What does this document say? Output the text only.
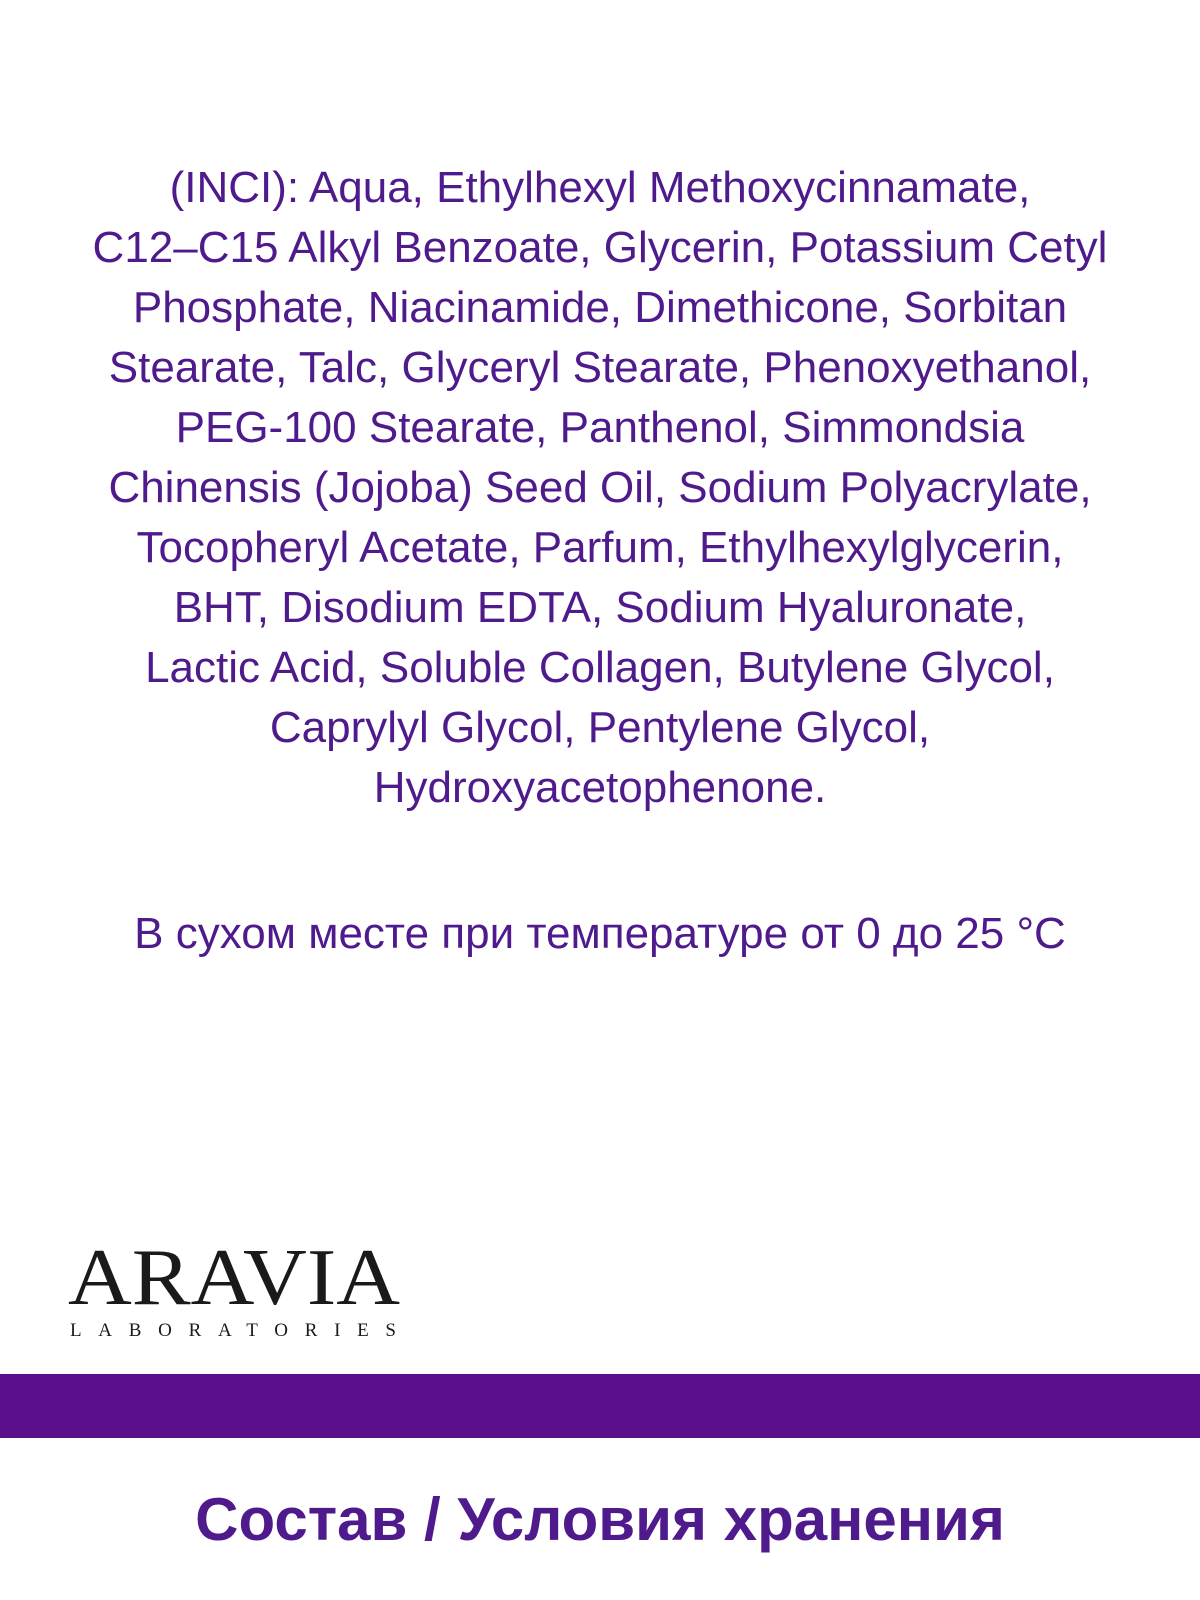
(INCI): Aqua, Ethylhexyl Methoxycinnamate,
C12–C15 Alkyl Benzoate, Glycerin, Potassium Cetyl
Phosphate, Niacinamide, Dimethicone, Sorbitan
Stearate, Talc, Glyceryl Stearate, Phenoxyethanol,
PEG-100 Stearate, Panthenol, Simmondsia
Chinensis (Jojoba) Seed Oil, Sodium Polyacrylate,
Tocopheryl Acetate, Parfum, Ethylhexylglycerin,
BHT, Disodium EDTA, Sodium Hyaluronate,
Lactic Acid, Soluble Collagen, Butylene Glycol,
Caprylyl Glycol, Pentylene Glycol,
Hydroxyacetophenone.

В сухом месте при температуре от 0 до 25 °С

ARAVIA
LABORATORIES

Состав / Условия хранения
